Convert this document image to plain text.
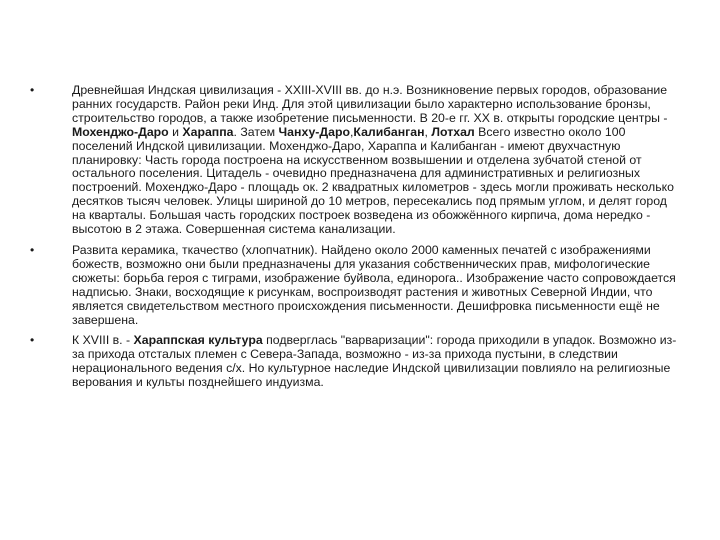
•	Древнейшая Индская цивилизация - XXIII-XVIII вв. до н.э. Возникновение первых городов, образование ранних государств. Район реки Инд. Для этой цивилизации было характерно использование бронзы, строительство городов, а также изобретение письменности. В 20-е гг. XX в. открыты городские центры - Мохенджо-Даро и Хараппа. Затем Чанху-Даро,Калибанган, Лотхал Всего известно около 100 поселений Индской цивилизации. Мохенджо-Даро, Хараппа и Калибанган - имеют двухчастную планировку: Часть города построена на искусственном возвышении и отделена зубчатой стеной от остального поселения. Цитадель - очевидно предназначена для административных и религиозных построений. Мохенджо-Даро - площадь ок. 2 квадратных километров - здесь могли проживать несколько десятков тысяч человек. Улицы шириной до 10 метров, пересекались под прямым углом, и делят город на кварталы. Большая часть городских построек возведена из обожжённого кирпича, дома нередко - высотою в 2 этажа. Совершенная система канализации.
•	Развита керамика, ткачество (хлопчатник). Найдено около 2000 каменных печатей с изображениями божеств, возможно они были предназначены для указания собственнических прав, мифологические сюжеты: борьба героя с тиграми, изображение буйвола, единорога.. Изображение часто сопровождается надписью. Знаки, восходящие к рисункам, воспроизводят растения и животных Северной Индии, что является свидетельством местного происхождения письменности. Дешифровка письменности ещё не завершена.
•	К XVIII в. - Хараппская культура подверглась "варваризации": города приходили в упадок. Возможно из-за прихода отсталых племен с Севера-Запада, возможно - из-за прихода пустыни, в следствии нерационального ведения с/х. Но культурное наследие Индской цивилизации повлияло на религиозные верования и культы позднейшего индуизма.
